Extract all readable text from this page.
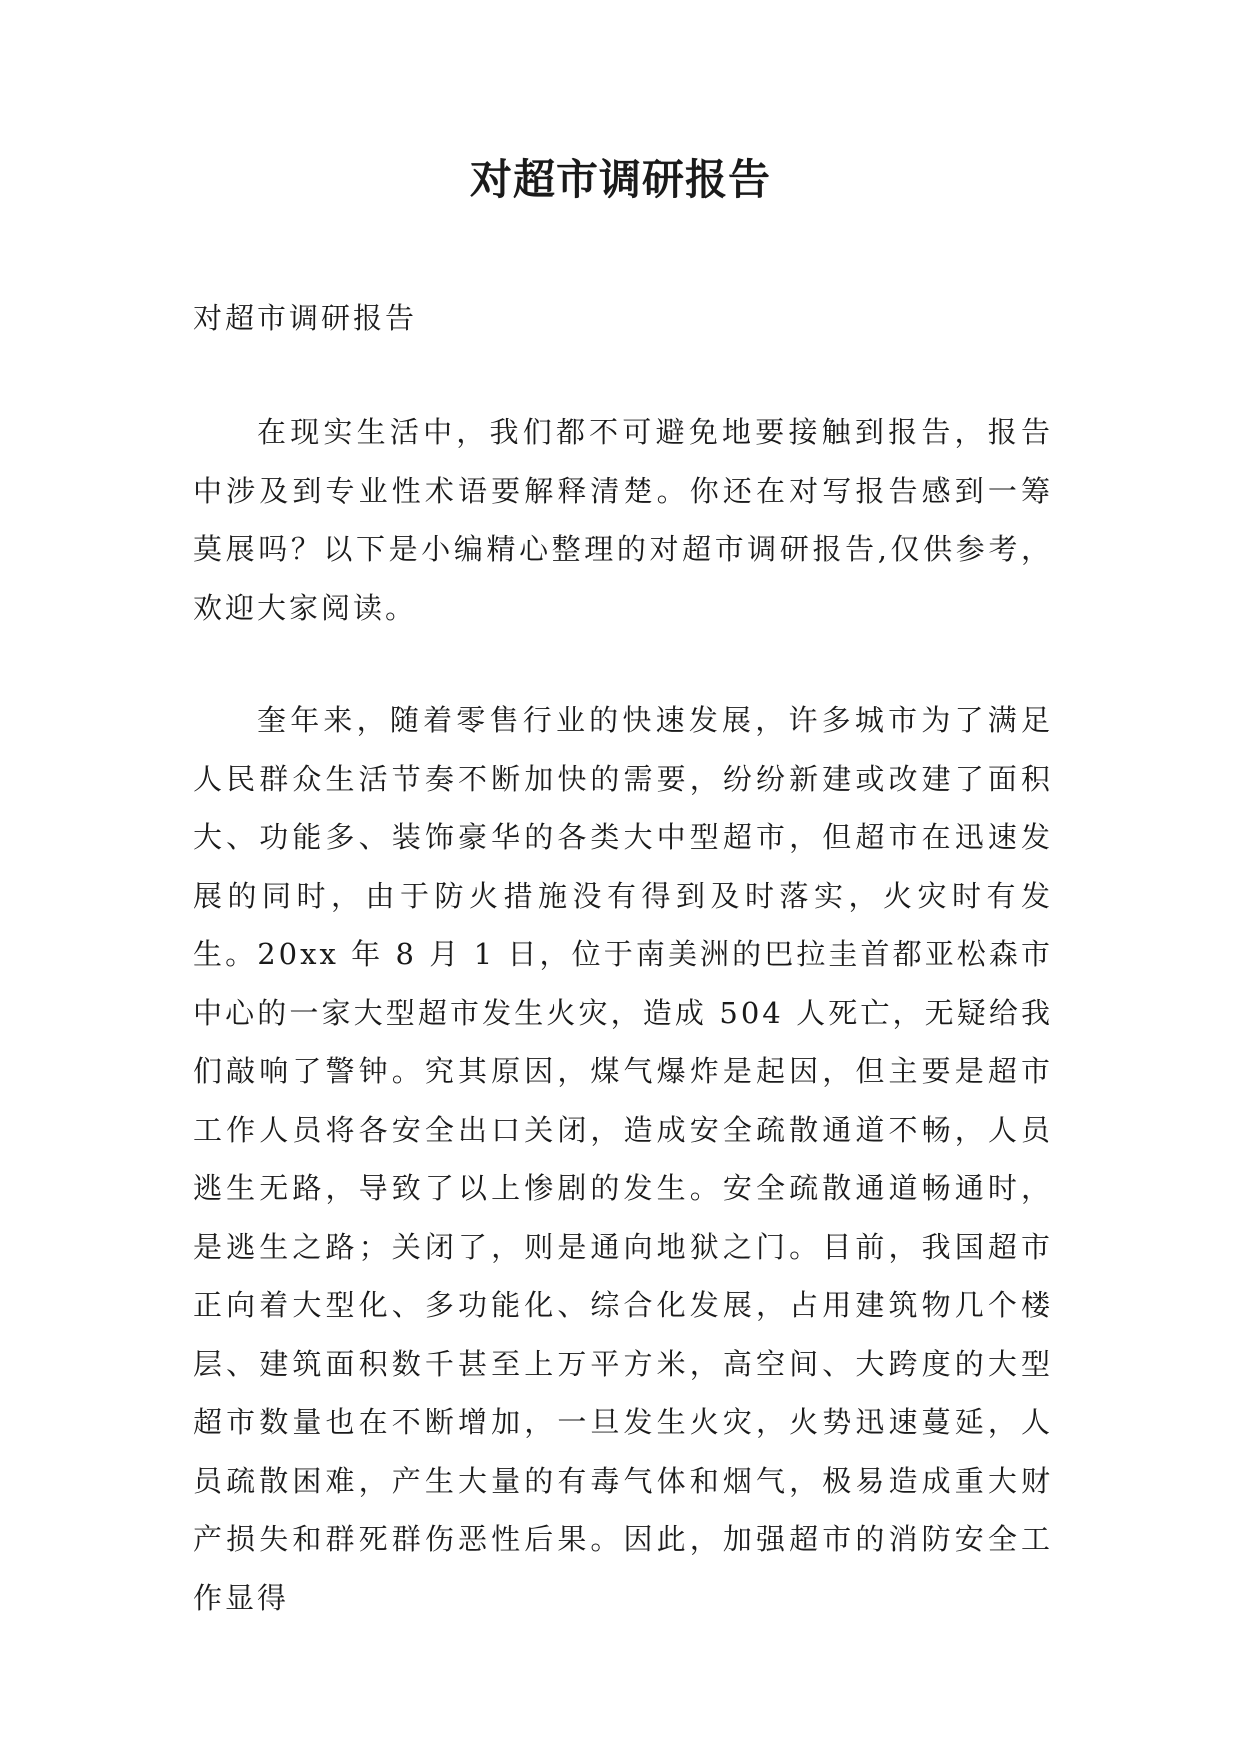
对超市调研报告

对超市调研报告

在现实生活中，我们都不可避免地要接触到报告，报告中涉及到专业性术语要解释清楚。你还在对写报告感到一筹莫展吗？以下是小编精心整理的对超市调研报告,仅供参考，欢迎大家阅读。

奎年来，随着零售行业的快速发展，许多城市为了满足人民群众生活节奏不断加快的需要，纷纷新建或改建了面积大、功能多、装饰豪华的各类大中型超市，但超市在迅速发展的同时，由于防火措施没有得到及时落实，火灾时有发生。20xx 年 8 月 1 日，位于南美洲的巴拉圭首都亚松森市中心的一家大型超市发生火灾，造成 504 人死亡，无疑给我们敲响了警钟。究其原因，煤气爆炸是起因，但主要是超市工作人员将各安全出口关闭，造成安全疏散通道不畅，人员逃生无路，导致了以上惨剧的发生。安全疏散通道畅通时，是逃生之路；关闭了，则是通向地狱之门。目前，我国超市正向着大型化、多功能化、综合化发展，占用建筑物几个楼层、建筑面积数千甚至上万平方米，高空间、大跨度的大型超市数量也在不断增加，一旦发生火灾，火势迅速蔓延，人员疏散困难，产生大量的有毒气体和烟气，极易造成重大财产损失和群死群伤恶性后果。因此，加强超市的消防安全工作显得
